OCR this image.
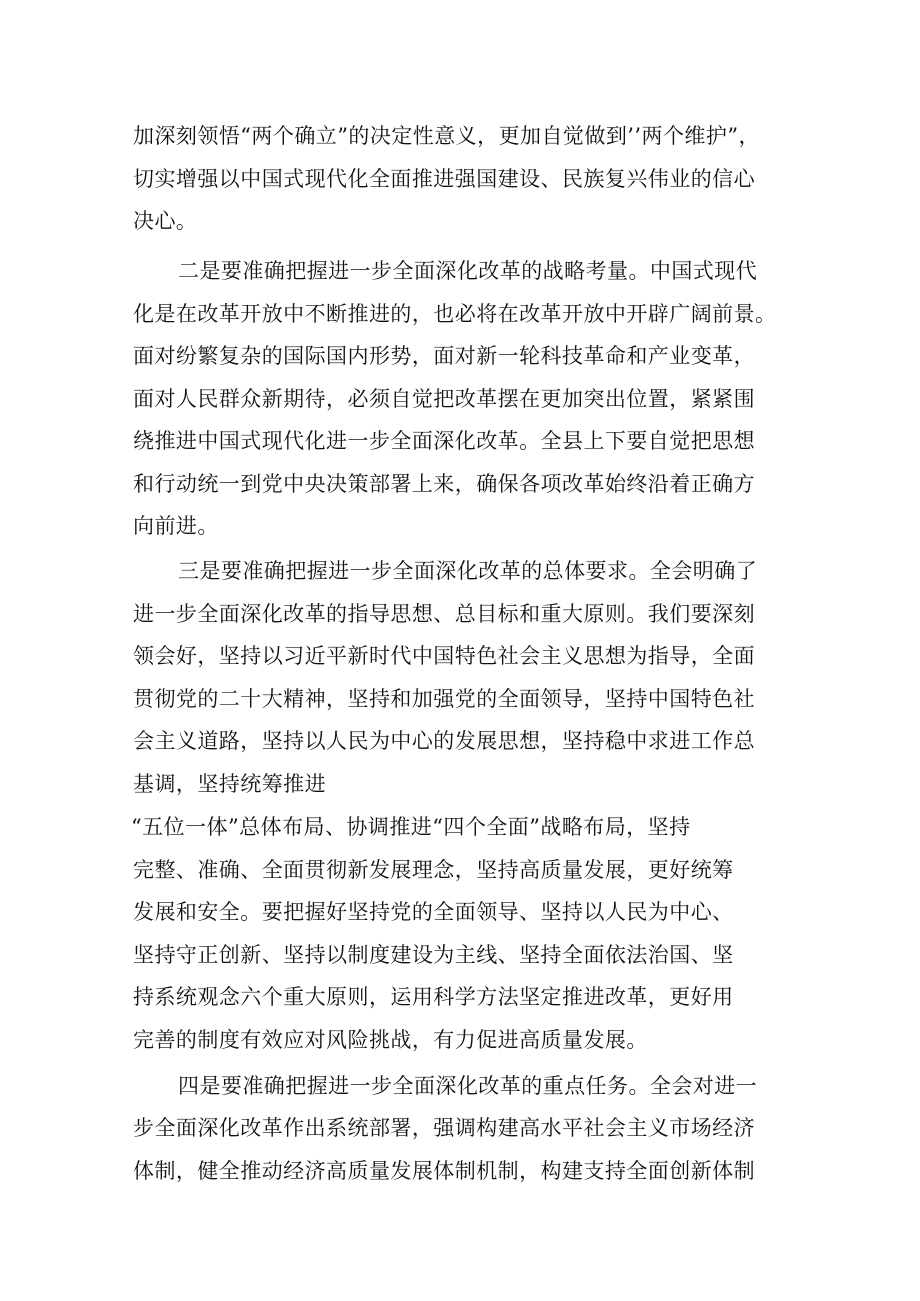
加深刻领悟“两个确立”的决定性意义，更加自觉做到’’两个维护”，
切实增强以中国式现代化全面推进强国建设、民族复兴伟业的信心
决心。
二是要准确把握进一步全面深化改革的战略考量。中国式现代
化是在改革开放中不断推进的，也必将在改革开放中开辟广阔前景。
面对纷繁复杂的国际国内形势，面对新一轮科技革命和产业变革，
面对人民群众新期待，必须自觉把改革摆在更加突出位置，紧紧围
绕推进中国式现代化进一步全面深化改革。全县上下要自觉把思想
和行动统一到党中央决策部署上来，确保各项改革始终沿着正确方
向前进。
三是要准确把握进一步全面深化改革的总体要求。全会明确了
进一步全面深化改革的指导思想、总目标和重大原则。我们要深刻
领会好，坚持以习近平新时代中国特色社会主义思想为指导，全面
贯彻党的二十大精神，坚持和加强党的全面领导，坚持中国特色社
会主义道路，坚持以人民为中心的发展思想，坚持稳中求进工作总
基调，坚持统筹推进
“五位一体”总体布局、协调推进“四个全面”战略布局，坚持
完整、准确、全面贯彻新发展理念，坚持高质量发展，更好统筹
发展和安全。要把握好坚持党的全面领导、坚持以人民为中心、
坚持守正创新、坚持以制度建设为主线、坚持全面依法治国、坚
持系统观念六个重大原则，运用科学方法坚定推进改革，更好用
完善的制度有效应对风险挑战，有力促进高质量发展。
四是要准确把握进一步全面深化改革的重点任务。全会对进一
步全面深化改革作出系统部署，强调构建高水平社会主义市场经济
体制，健全推动经济高质量发展体制机制，构建支持全面创新体制
